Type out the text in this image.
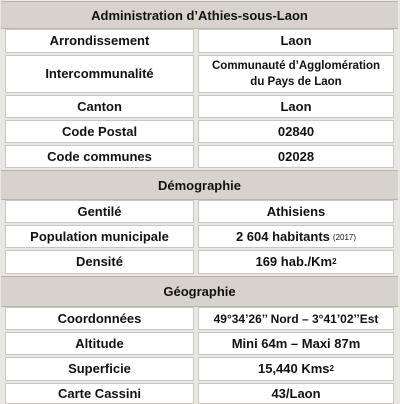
Administration d’Athies-sous-Laon
Arrondissement	Laon
Intercommunalité	Communauté d’Agglomération
du Pays de Laon
Canton	Laon
Code Postal	02840
Code communes	02028
Démographie
Gentilé	Athisiens
Population municipale	2 604 habitants (2017)
Densité	169 hab./Km 2
Géographie
Coordonnées	49°34’26’’ Nord – 3°41’02’’Est
Altitude	Mini 64m – Maxi 87m
Superficie	15,440 Kms 2
Carte Cassini	43/Laon
